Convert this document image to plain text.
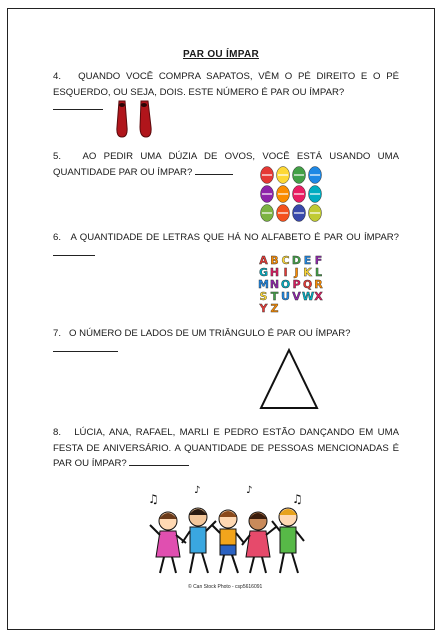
PAR OU ÍMPAR
4. QUANDO VOCÊ COMPRA SAPATOS, VÊM O PÉ DIREITO E O PÉ ESQUERDO, OU SEJA, DOIS. ESTE NÚMERO É PAR OU ÍMPAR?

5. AO PEDIR UMA DÚZIA DE OVOS, VOCÊ ESTÁ USANDO UMA QUANTIDADE PAR OU ÍMPAR?
6. A QUANTIDADE DE LETRAS QUE HÁ NO ALFABETO É PAR OU ÍMPAR?
A B C D E F
G H I J K L
M N O P Q R
S T U V W X
Y Z
7. O NÚMERO DE LADOS DE UM TRIÂNGULO É PAR OU ÍMPAR?

8. LÚCIA, ANA, RAFAEL, MARLI E PEDRO ESTÃO DANÇANDO EM UMA FESTA DE ANIVERSÁRIO. A QUANTIDADE DE PESSOAS MENCIONADAS É PAR OU ÍMPAR?
♫
♪	♪
♫
© Can Stock Photo - csp5616091
